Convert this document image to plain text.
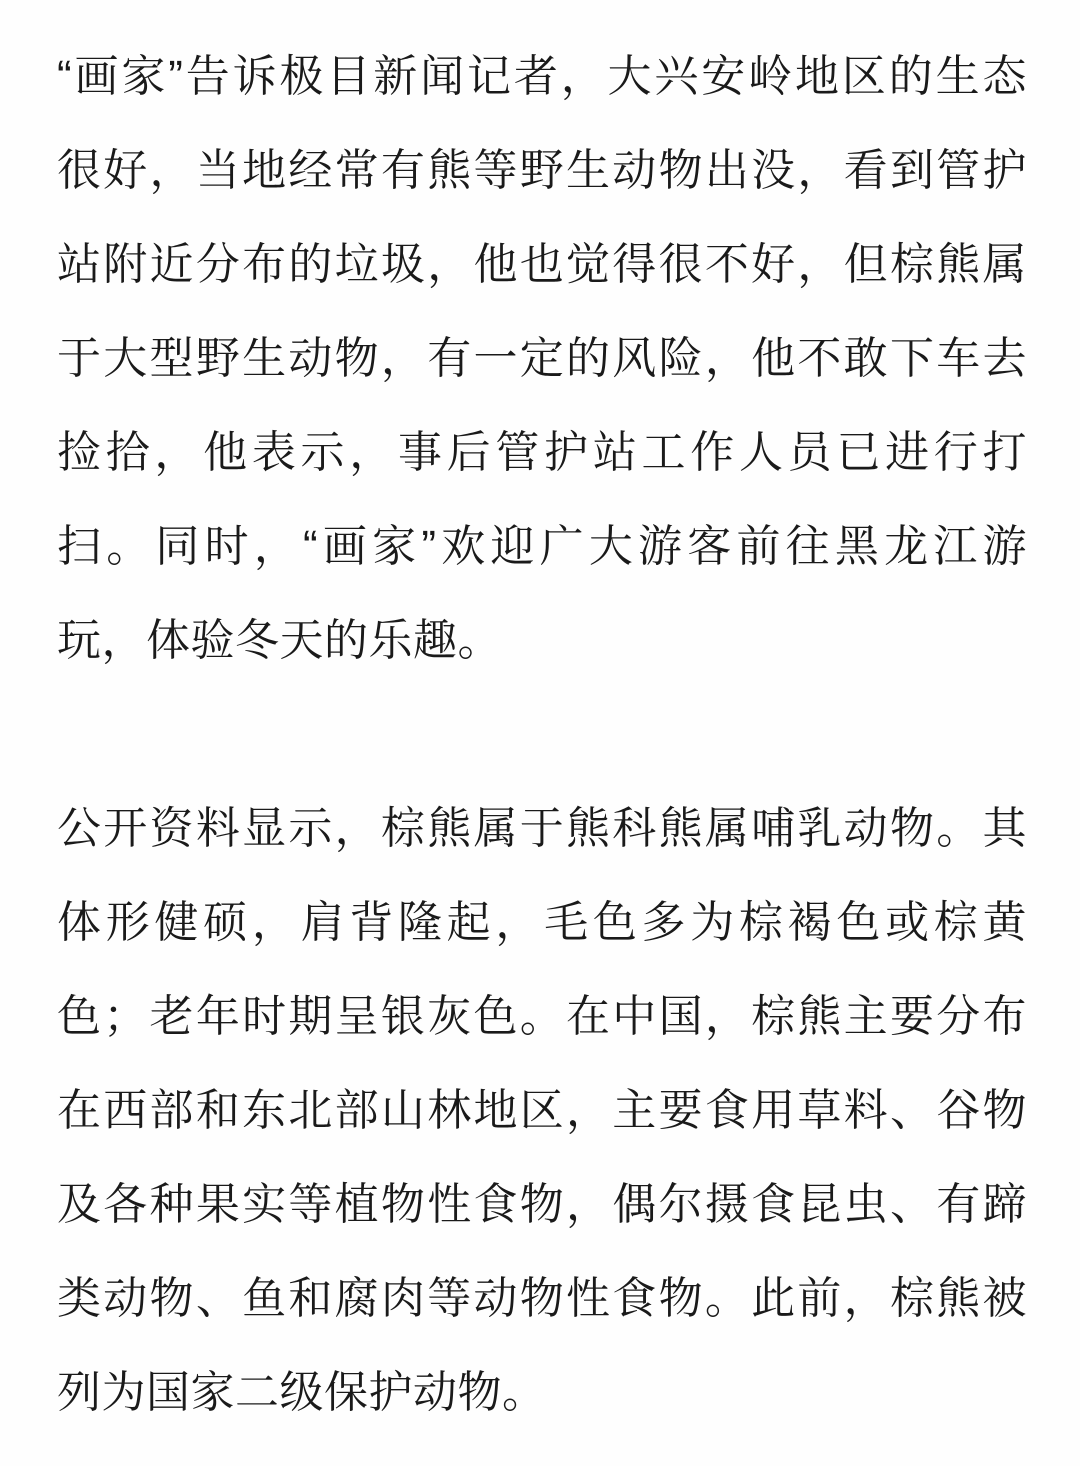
“画家”告诉极目新闻记者，大兴安岭地区的生态
很好，当地经常有熊等野生动物出没，看到管护
站附近分布的垃圾，他也觉得很不好，但棕熊属
于大型野生动物，有一定的风险，他不敢下车去
捡拾，他表示，事后管护站工作人员已进行打
扫。同时，“画家”欢迎广大游客前往黑龙江游
玩，体验冬天的乐趣。
公开资料显示，棕熊属于熊科熊属哺乳动物。其
体形健硕，肩背隆起，毛色多为棕褐色或棕黄
色；老年时期呈银灰色。在中国，棕熊主要分布
在西部和东北部山林地区，主要食用草料、谷物
及各种果实等植物性食物，偶尔摄食昆虫、有蹄
类动物、鱼和腐肉等动物性食物。此前，棕熊被
列为国家二级保护动物。
